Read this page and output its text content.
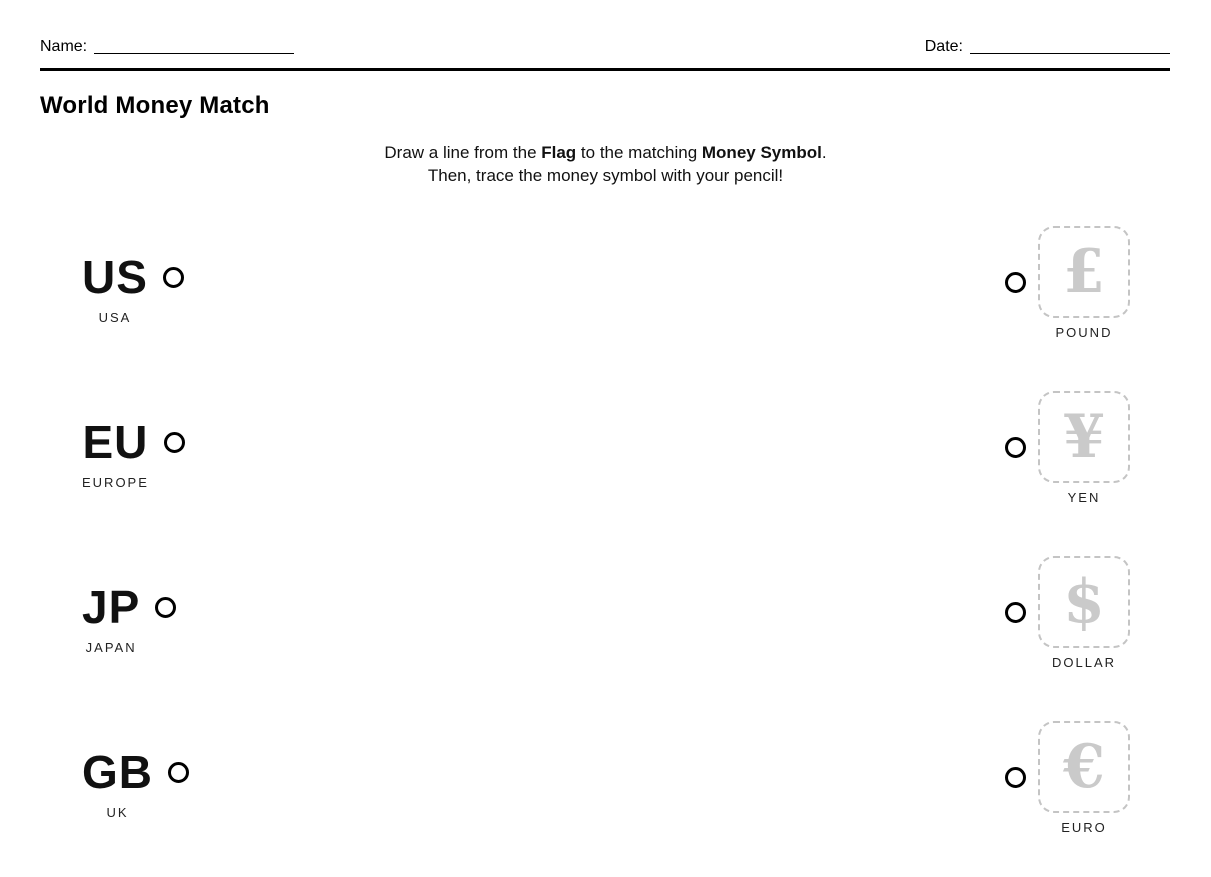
Name:	Date:
World Money Match
Draw a line from the Flag to the matching Money Symbol.
Then, trace the money symbol with your pencil!
US
USA
£
POUND
EU
EUROPE
¥
YEN
JP
JAPAN
$
DOLLAR
GB
UK
€
EURO
